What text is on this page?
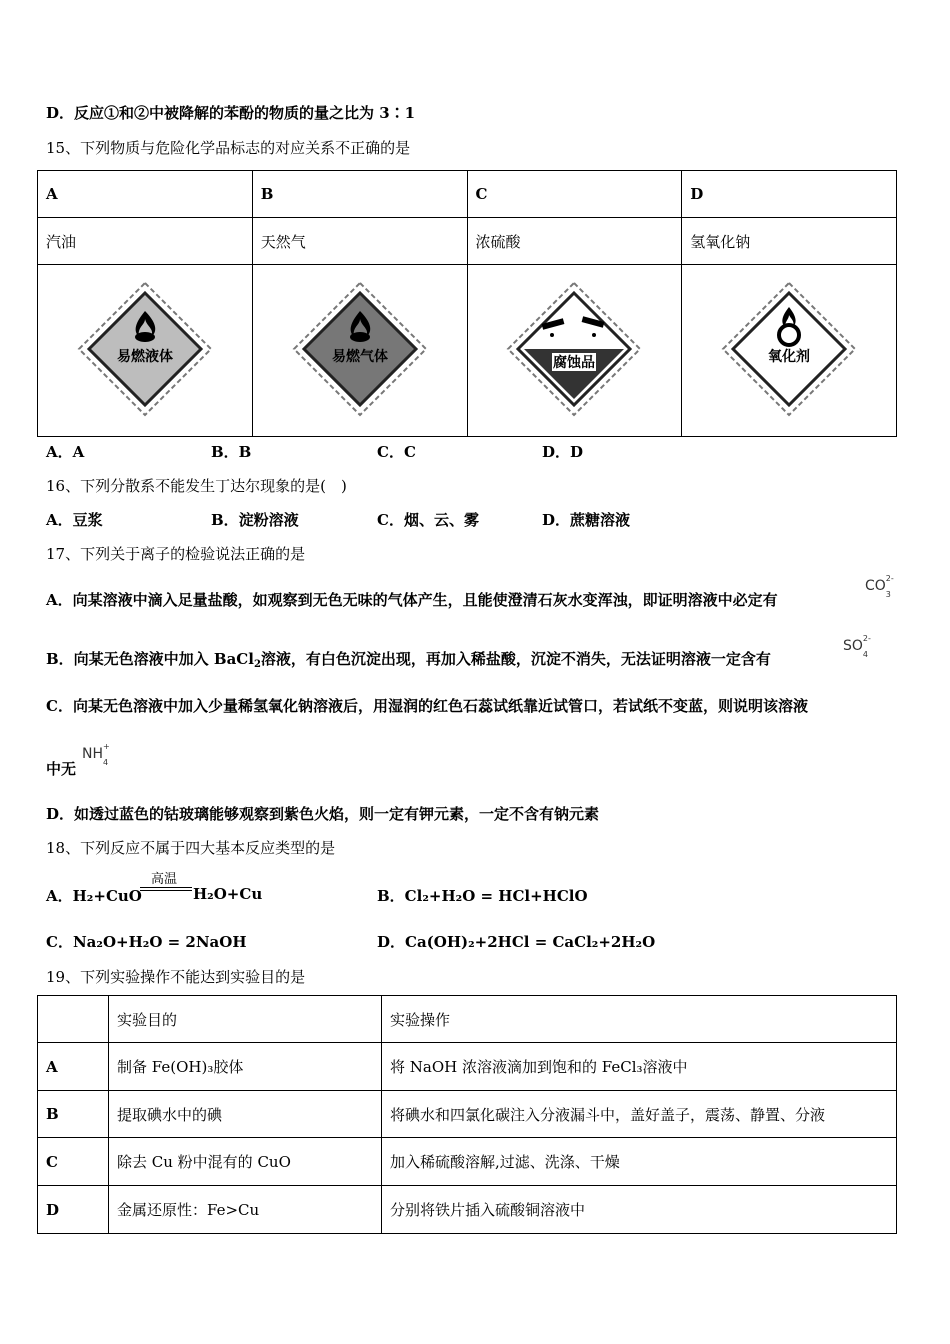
D．反应①和②中被降解的苯酚的物质的量之比为 3∶1
15、下列物质与危险化学品标志的对应关系不正确的是
A	B	C	D
汽油	天然气	浓硫酸	氢氧化钠

易燃液体	易燃气体	腐蚀品	氧化剂
A．A	B．B	C．C	D．D
16、下列分散系不能发生丁达尔现象的是(　)
A．豆浆	B．淀粉溶液	C．烟、云、雾	D．蔗糖溶液
17、下列关于离子的检验说法正确的是
A．向某溶液中滴入足量盐酸，如观察到无色无味的气体产生，且能使澄清石灰水变浑浊，即证明溶液中必定有
CO 2-
3
B．向某无色溶液中加入 BaCl$_2$溶液，有白色沉淀出现，再加入稀盐酸，沉淀不消失，无法证明溶液一定含有
SO 2-
4
C．向某无色溶液中加入少量稀氢氧化钠溶液后，用湿润的红色石蕊试纸靠近试管口，若试纸不变蓝，则说明该溶液
中无
NH +
4
D．如透过蓝色的钴玻璃能够观察到紫色火焰，则一定有钾元素，一定不含有钠元素
18、下列反应不属于四大基本反应类型的是
A．H₂+CuO
高温
H₂O+Cu	B．Cl₂+H₂O = HCl+HClO
C．Na₂O+H₂O = 2NaOH	D．Ca(OH)₂+2HCl = CaCl₂+2H₂O
19、下列实验操作不能达到实验目的是
	实验目的	实验操作
A	制备 Fe(OH)₃胶体	将 NaOH 浓溶液滴加到饱和的 FeCl₃溶液中
B	提取碘水中的碘	将碘水和四氯化碳注入分液漏斗中，盖好盖子，震荡、静置、分液
C	除去 Cu 粉中混有的 CuO	加入稀硫酸溶解,过滤、洗涤、干燥
D	金属还原性：Fe>Cu	分别将铁片插入硫酸铜溶液中
